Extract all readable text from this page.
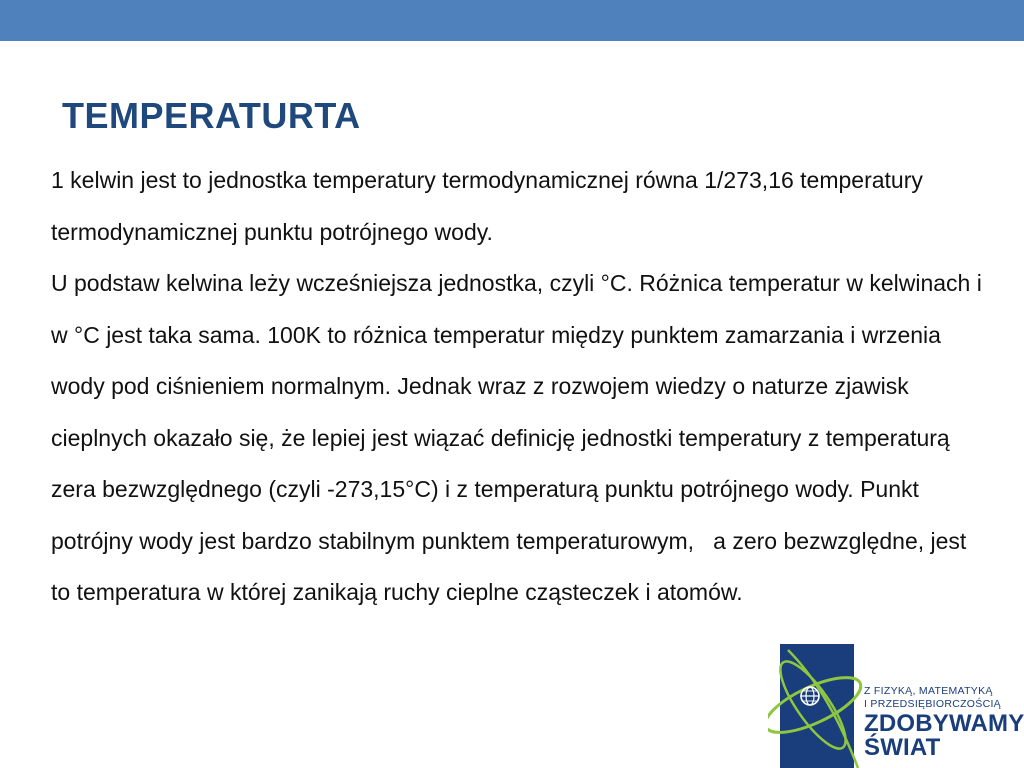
TEMPERATURTA

1 kelwin jest to jednostka temperatury termodynamicznej równa 1/273,16 temperatury termodynamicznej punktu potrójnego wody.

U podstaw kelwina leży wcześniejsza jednostka, czyli °C. Różnica temperatur w kelwinach i w °C jest taka sama. 100K to różnica temperatur między punktem zamarzania i wrzenia wody pod ciśnieniem normalnym. Jednak wraz z rozwojem wiedzy o naturze zjawisk cieplnych okazało się, że lepiej jest wiązać definicję jednostki temperatury z temperaturą zera bezwzględnego (czyli -273,15°C) i z temperaturą punktu potrójnego wody. Punkt potrójny wody jest bardzo stabilnym punktem temperaturowym,   a zero bezwzględne, jest to temperatura w której zanikają ruchy cieplne cząsteczek i atomów.

Z FIZYKĄ, MATEMATYKĄ
I PRZEDSIĘBIORCZOŚCIĄ
ZDOBYWAMY
ŚWIAT
